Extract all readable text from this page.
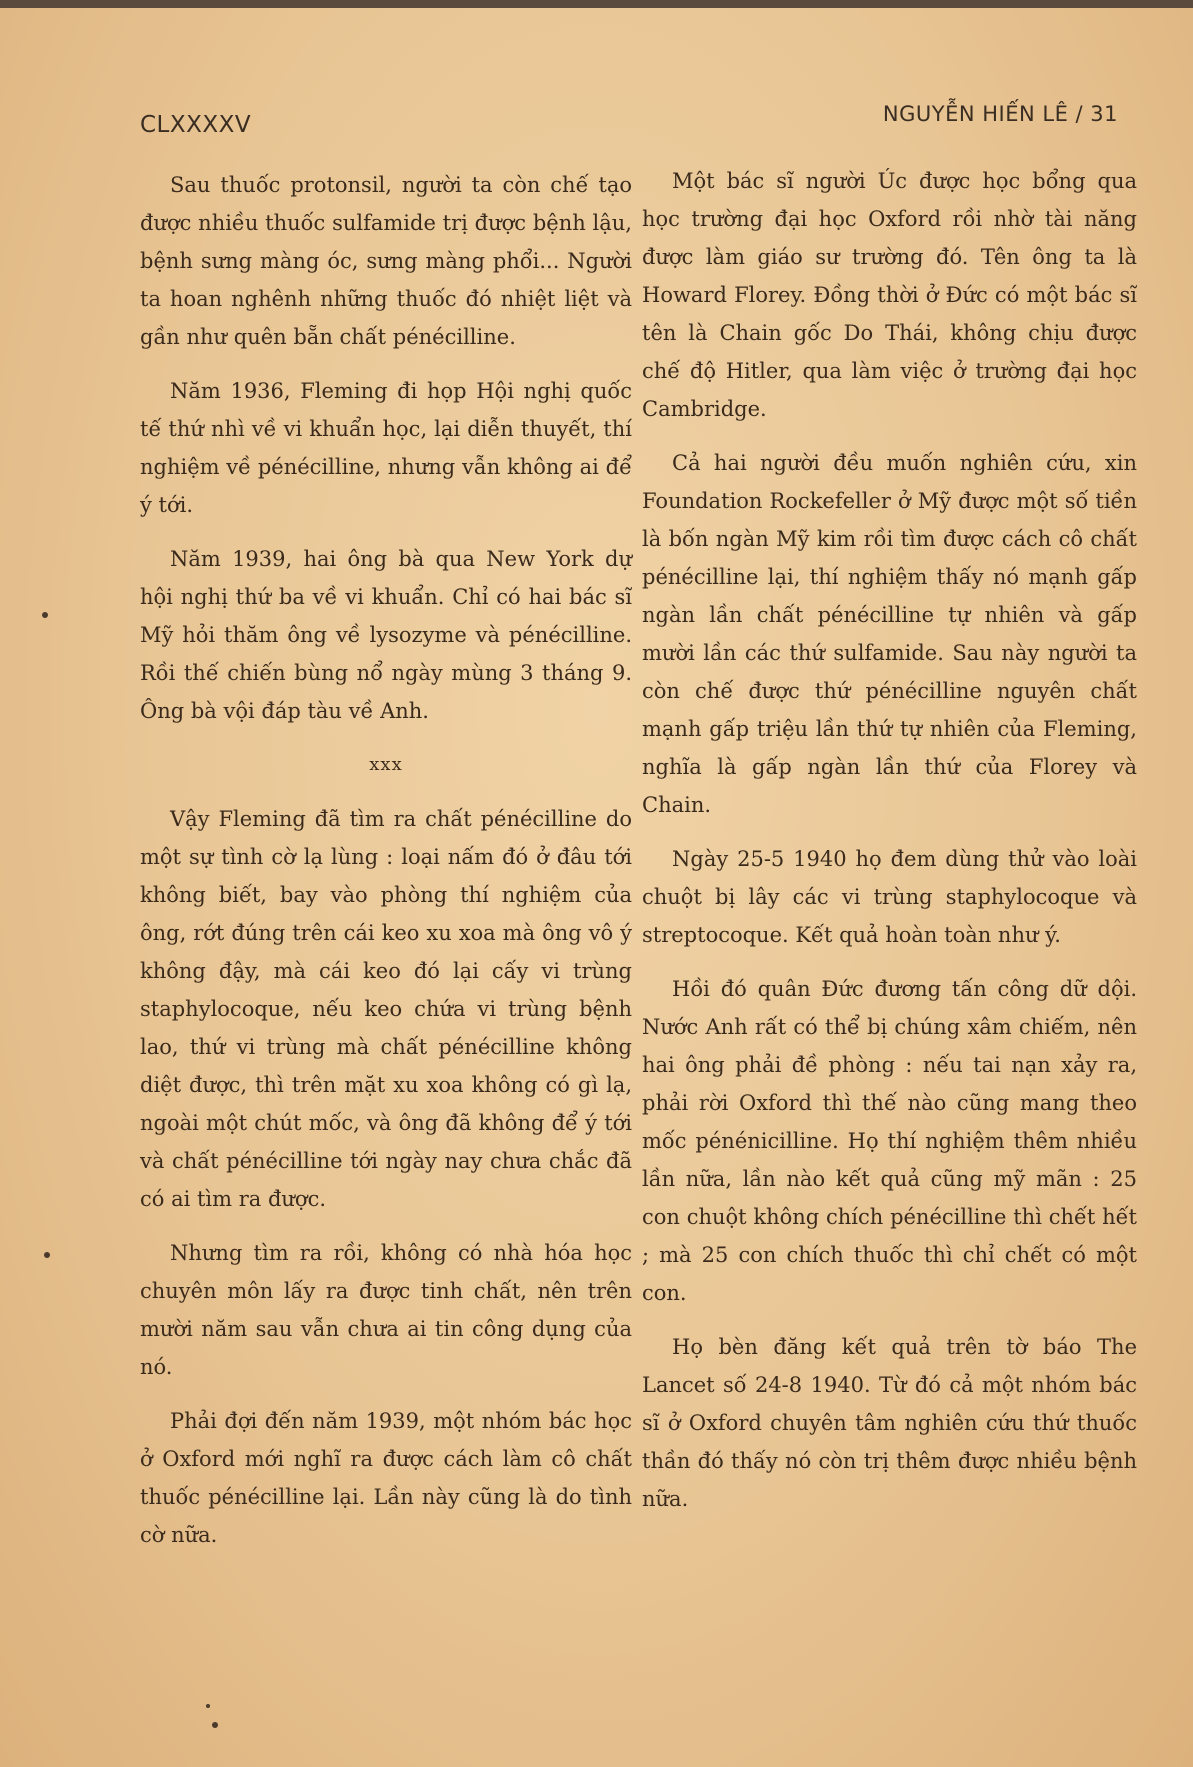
CLXXXXV	NGUYỄN HIẾN LÊ / 31

Sau thuốc protonsil, người ta còn chế tạo được nhiều thuốc sulfamide trị được bệnh lậu, bệnh sưng màng óc, sưng màng phổi... Người ta hoan nghênh những thuốc đó nhiệt liệt và gần như quên bẵn chất pénécilline.

Năm 1936, Fleming đi họp Hội nghị quốc tế thứ nhì về vi khuẩn học, lại diễn thuyết, thí nghiệm về pénécilline, nhưng vẫn không ai để ý tới.

Năm 1939, hai ông bà qua New York dự hội nghị thứ ba về vi khuẩn. Chỉ có hai bác sĩ Mỹ hỏi thăm ông về lysozyme và pénécilline. Rồi thế chiến bùng nổ ngày mùng 3 tháng 9. Ông bà vội đáp tàu về Anh.

xxx

Vậy Fleming đã tìm ra chất pénécilline do một sự tình cờ lạ lùng : loại nấm đó ở đâu tới không biết, bay vào phòng thí nghiệm của ông, rớt đúng trên cái keo xu xoa mà ông vô ý không đậy, mà cái keo đó lại cấy vi trùng staphylocoque, nếu keo chứa vi trùng bệnh lao, thứ vi trùng mà chất pénécilline không diệt được, thì trên mặt xu xoa không có gì lạ, ngoài một chút mốc, và ông đã không để ý tới và chất pénécilline tới ngày nay chưa chắc đã có ai tìm ra được.

Nhưng tìm ra rồi, không có nhà hóa học chuyên môn lấy ra được tinh chất, nên trên mười năm sau vẫn chưa ai tin công dụng của nó.

Phải đợi đến năm 1939, một nhóm bác học ở Oxford mới nghĩ ra được cách làm cô chất thuốc pénécilline lại. Lần này cũng là do tình cờ nữa.

Một bác sĩ người Úc được học bổng qua học trường đại học Oxford rồi nhờ tài năng được làm giáo sư trường đó. Tên ông ta là Howard Florey. Đồng thời ở Đức có một bác sĩ tên là Chain gốc Do Thái, không chịu được chế độ Hitler, qua làm việc ở trường đại học Cambridge.

Cả hai người đều muốn nghiên cứu, xin Foundation Rockefeller ở Mỹ được một số tiền là bốn ngàn Mỹ kim rồi tìm được cách cô chất pénécilline lại, thí nghiệm thấy nó mạnh gấp ngàn lần chất pénécilline tự nhiên và gấp mười lần các thứ sulfamide. Sau này người ta còn chế được thứ pénécilline nguyên chất mạnh gấp triệu lần thứ tự nhiên của Fleming, nghĩa là gấp ngàn lần thứ của Florey và Chain.

Ngày 25-5 1940 họ đem dùng thử vào loài chuột bị lây các vi trùng staphylocoque và streptocoque. Kết quả hoàn toàn như ý.

Hồi đó quân Đức đương tấn công dữ dội. Nước Anh rất có thể bị chúng xâm chiếm, nên hai ông phải đề phòng : nếu tai nạn xảy ra, phải rời Oxford thì thế nào cũng mang theo mốc pénénicilline. Họ thí nghiệm thêm nhiều lần nữa, lần nào kết quả cũng mỹ mãn : 25 con chuột không chích pénécilline thì chết hết ; mà 25 con chích thuốc thì chỉ chết có một con.

Họ bèn đăng kết quả trên tờ báo The Lancet số 24-8 1940. Từ đó cả một nhóm bác sĩ ở Oxford chuyên tâm nghiên cứu thứ thuốc thần đó thấy nó còn trị thêm được nhiều bệnh nữa.
